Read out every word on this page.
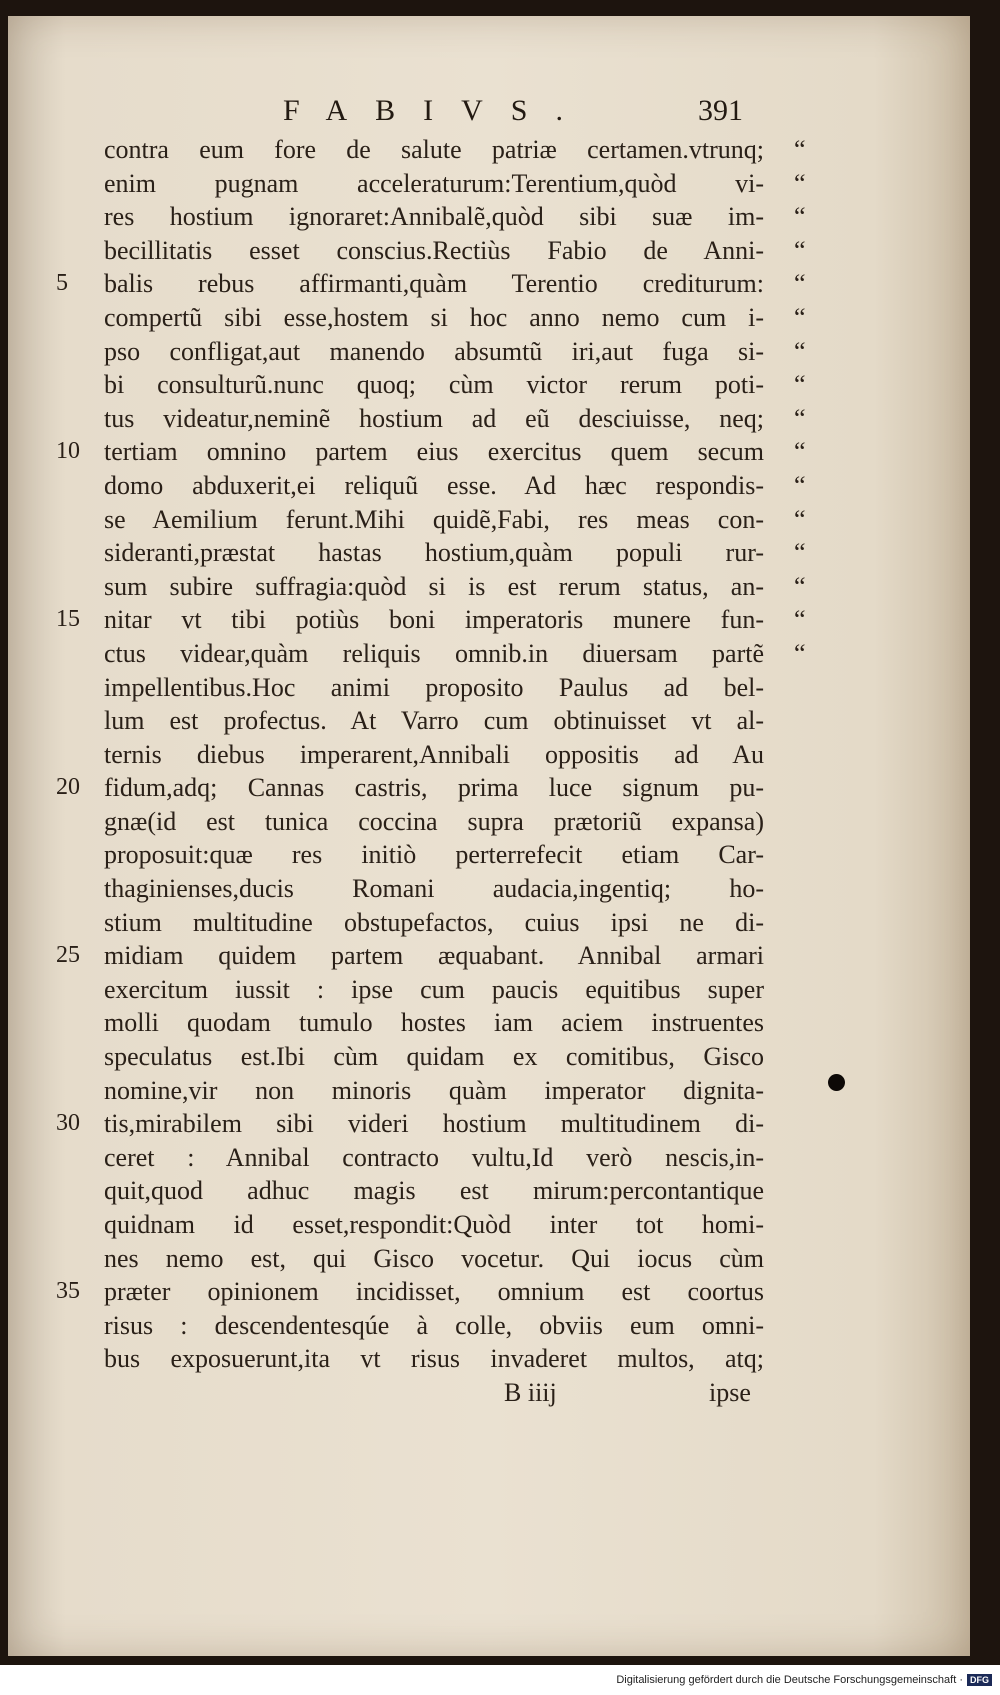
FABIVS.	391
contra eum fore de salute patriæ certamen.vtrunq; “
enim pugnam acceleraturum:Terentium,quòd vi- “
res hostium ignoraret:Annibalẽ,quòd sibi suæ im- “
becillitatis esset conscius.Rectiùs Fabio de Anni- “
balis rebus affirmanti,quàm Terentio crediturum:
5	“
compertũ sibi esse,hostem si hoc anno nemo cum i- “
pso confligat,aut manendo absumtũ iri,aut fuga si- “
bi consulturũ.nunc quoq; cùm victor rerum poti- “
tus videatur,neminẽ hostium ad eũ desciuisse, neq; “
tertiam omnino partem eius exercitus quem secum
10	“
domo abduxerit,ei reliquũ esse. Ad hæc respondis- “
se Aemilium ferunt.Mihi quidẽ,Fabi, res meas con- “
sideranti,præstat hastas hostium,quàm populi rur- “
sum subire suffragia:quòd si is est rerum status, an- “
nitar vt tibi potiùs boni imperatoris munere fun-
15	“
ctus videar,quàm reliquis omnib.in diuersam partẽ “
impellentibus.Hoc animi proposito Paulus ad bel-
lum est profectus. At Varro cum obtinuisset vt al-
ternis diebus imperarent,Annibali oppositis ad Au
fidum,adq; Cannas castris, prima luce signum pu-
20
gnæ(id est tunica coccina supra prætoriũ expansa)
proposuit:quæ res initiò perterrefecit etiam Car-
thaginienses,ducis Romani audacia,ingentiq; ho-
stium multitudine obstupefactos, cuius ipsi ne di-
midiam quidem partem æquabant. Annibal armari
25
exercitum iussit : ipse cum paucis equitibus super
molli quodam tumulo hostes iam aciem instruentes
speculatus est.Ibi cùm quidam ex comitibus, Gisco
nomine,vir non minoris quàm imperator dignita-
tis,mirabilem sibi videri hostium multitudinem di-
30
ceret : Annibal contracto vultu,Id verò nescis,in-
quit,quod adhuc magis est mirum:percontantique
quidnam id esset,respondit:Quòd inter tot homi-
nes nemo est, qui Gisco vocetur. Qui iocus cùm
præter opinionem incidisset, omnium est coortus
35
risus : descendentesqúe à colle, obviis eum omni-
bus exposuerunt,ita vt risus invaderet multos, atq;
B iiij	ipse
Digitalisierung gefördert durch die Deutsche Forschungsgemeinschaft · DFG
